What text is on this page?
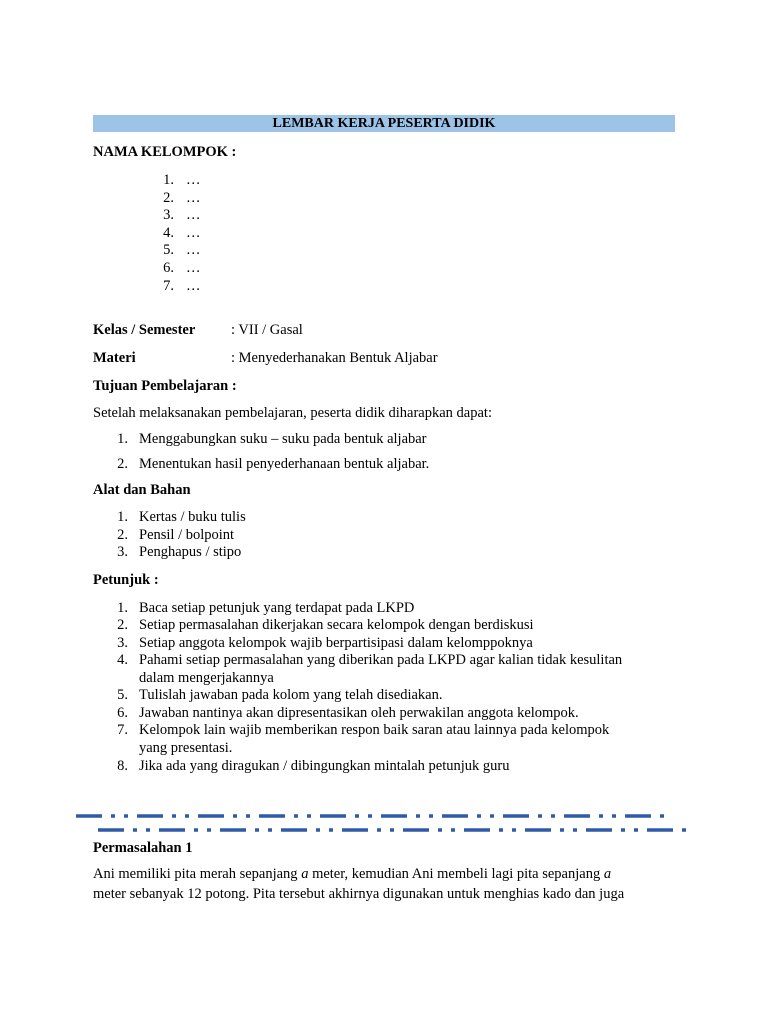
LEMBAR KERJA PESERTA DIDIK
NAMA KELOMPOK :
1. …
2. …
3. …
4. …
5. …
6. …
7. …
Kelas / Semester : VII / Gasal
Materi	: Menyederhanakan Bentuk Aljabar
Tujuan Pembelajaran :
Setelah melaksanakan pembelajaran, peserta didik diharapkan dapat:
1. Menggabungkan suku – suku pada bentuk aljabar
2. Menentukan hasil penyederhanaan bentuk aljabar.
Alat dan Bahan
1. Kertas / buku tulis
2. Pensil / bolpoint
3. Penghapus / stipo
Petunjuk :
1. Baca setiap petunjuk yang terdapat pada LKPD
2. Setiap permasalahan dikerjakan secara kelompok dengan berdiskusi
3. Setiap anggota kelompok wajib berpartisipasi dalam kelomppoknya
4. Pahami setiap permasalahan yang diberikan pada LKPD agar kalian tidak kesulitan
dalam mengerjakannya
5. Tulislah jawaban pada kolom yang telah disediakan.
6. Jawaban nantinya akan dipresentasikan oleh perwakilan anggota kelompok.
7. Kelompok lain wajib memberikan respon baik saran atau lainnya pada kelompok
yang presentasi.
8. Jika ada yang diragukan / dibingungkan mintalah petunjuk guru
Permasalahan 1
Ani memiliki pita merah sepanjang a meter, kemudian Ani membeli lagi pita sepanjang a
meter sebanyak 12 potong. Pita tersebut akhirnya digunakan untuk menghias kado dan juga
